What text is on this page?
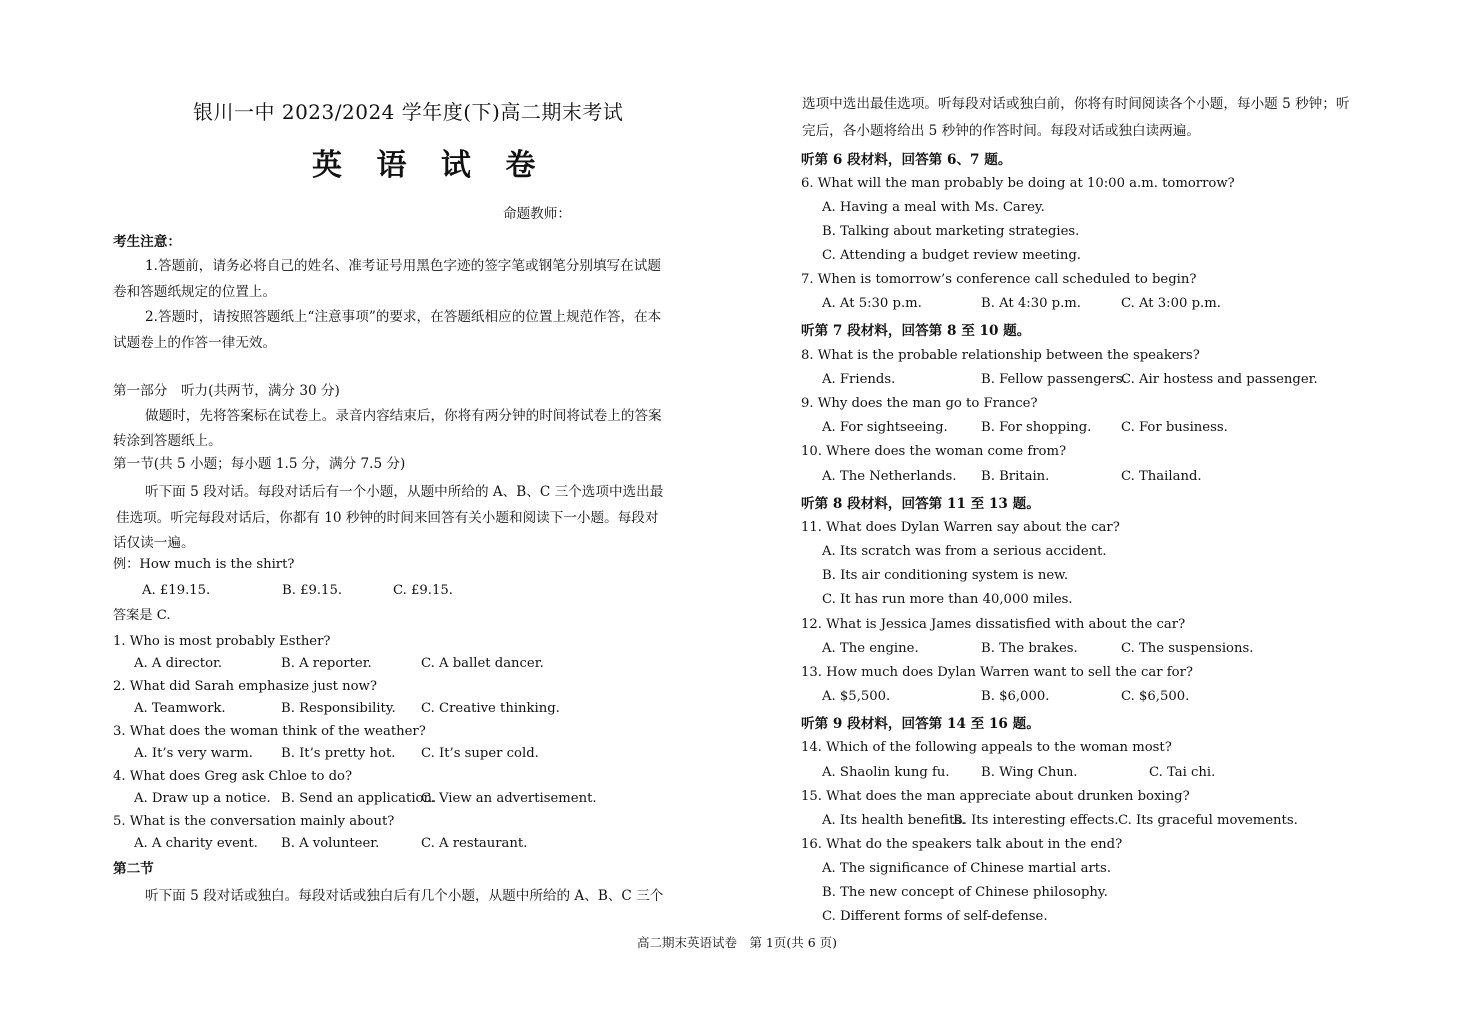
银川一中 2023/2024 学年度(下)高二期末考试
英 语 试 卷
命题教师：
考生注意：
1.答题前，请务必将自己的姓名、准考证号用黑色字迹的签字笔或钢笔分别填写在试题
卷和答题纸规定的位置上。
2.答题时，请按照答题纸上“注意事项”的要求，在答题纸相应的位置上规范作答，在本
试题卷上的作答一律无效。
第一部分　听力(共两节，满分 30 分)
做题时，先将答案标在试卷上。录音内容结束后，你将有两分钟的时间将试卷上的答案
转涂到答题纸上。
第一节(共 5 小题；每小题 1.5 分，满分 7.5 分)
听下面 5 段对话。每段对话后有一个小题，从题中所给的 A、B、C 三个选项中选出最
佳选项。听完每段对话后，你都有 10 秒钟的时间来回答有关小题和阅读下一小题。每段对
话仅读一遍。
例：How much is the shirt?
A. £19.15.	B. £9.15.	C. £9.15.
答案是 C.
1. Who is most probably Esther?
A. A director.	B. A reporter.	C. A ballet dancer.
2. What did Sarah emphasize just now?
A. Teamwork.	B. Responsibility. C. Creative thinking.
3. What does the woman think of the weather?
A. It’s very warm. B. It’s pretty hot. C. It’s super cold.
4. What does Greg ask Chloe to do?
A. Draw up a notice. B. Send an application.
C. View an advertisement.
5. What is the conversation mainly about?
A. A charity event. B. A volunteer.	C. A restaurant.
第二节
听下面 5 段对话或独白。每段对话或独白后有几个小题，从题中所给的 A、B、C 三个
选项中选出最佳选项。听每段对话或独白前，你将有时间阅读各个小题，每小题 5 秒钟；听
完后，各小题将给出 5 秒钟的作答时间。每段对话或独白读两遍。
听第 6 段材料，回答第 6、7 题。
6. What will the man probably be doing at 10:00 a.m. tomorrow?
A. Having a meal with Ms. Carey.
B. Talking about marketing strategies.
C. Attending a budget review meeting.
7. When is tomorrow’s conference call scheduled to begin?
A. At 5:30 p.m.	B. At 4:30 p.m.	C. At 3:00 p.m.
听第 7 段材料，回答第 8 至 10 题。
8. What is the probable relationship between the speakers?
A. Friends.	B. Fellow passengers.
C. Air hostess and passenger.
9. Why does the man go to France?
A. For sightseeing.	B. For shopping. C. For business.
10. Where does the woman come from?
A. The Netherlands. B. Britain.	C. Thailand.
听第 8 段材料，回答第 11 至 13 题。
11. What does Dylan Warren say about the car?
A. Its scratch was from a serious accident.
B. Its air conditioning system is new.
C. It has run more than 40,000 miles.
12. What is Jessica James dissatisfied with about the car?
A. The engine.	B. The brakes.	C. The suspensions.
13. How much does Dylan Warren want to sell the car for?
A. $5,500.	B. $6,000.	C. $6,500.
听第 9 段材料，回答第 14 至 16 题。
14. Which of the following appeals to the woman most?
A. Shaolin kung fu. B. Wing Chun.	C. Tai chi.
15. What does the man appreciate about drunken boxing?
A. Its health benefits.
B. Its interesting effects. C. Its graceful movements.
16. What do the speakers talk about in the end?
A. The significance of Chinese martial arts.
B. The new concept of Chinese philosophy.
C. Different forms of self-defense.
高二期末英语试卷　第 1页(共 6 页)
